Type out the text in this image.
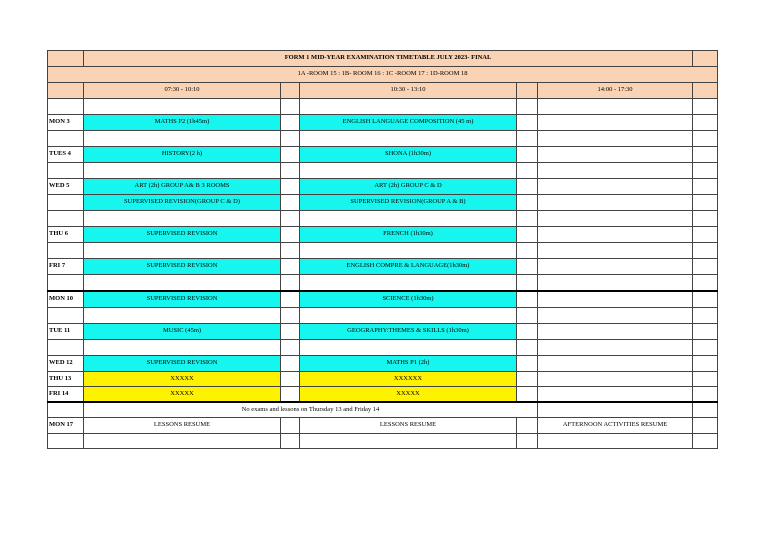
	FORM 1 MID-YEAR EXAMINATION TIMETABLE JULY 2023- FINAL					
1A -ROOM 15 : 1B- ROOM 16 : 1C -ROOM 17 : 1D-ROOM 18						
	07:30 - 10:10		10:30 - 13:10		14:00 - 17:30	

MON 3	MATHS P2 (1h45m)		ENGLISH LANGUAGE COMPOSITION (45 m)			

TUES 4	HISTORY(2 h)		SHONA (1h30m)			

WED 5	ART (2h) GROUP A& B 3 ROOMS		ART (2h) GROUP C & D			
	SUPERVISED REVISION(GROUP C & D)		SUPERVISED REVISION(GROUP A & B)			

THU 6	SUPERVISED REVISION		FRENCH (1h30m)			

FRI 7	SUPERVISED REVISION		ENGLISH COMPRE & LANGUAGE(1h30m)			

MON 10	SUPERVISED REVISION		SCIENCE (1h30m)			

TUE 11	MUSIC (45m)		GEOGRAPHY:THEMES & SKILLS (1h30m)			

WED 12	SUPERVISED REVISION		MATHS P1 (2h)			
THU 13	XXXXX		XXXXXX			
FRI 14	XXXXX		XXXXX			
	No exams and lessons on Thursday 13 and Friday 14					
MON 17	LESSONS RESUME		LESSONS RESUME		AFTERNOON ACTIVITIES RESUME	
